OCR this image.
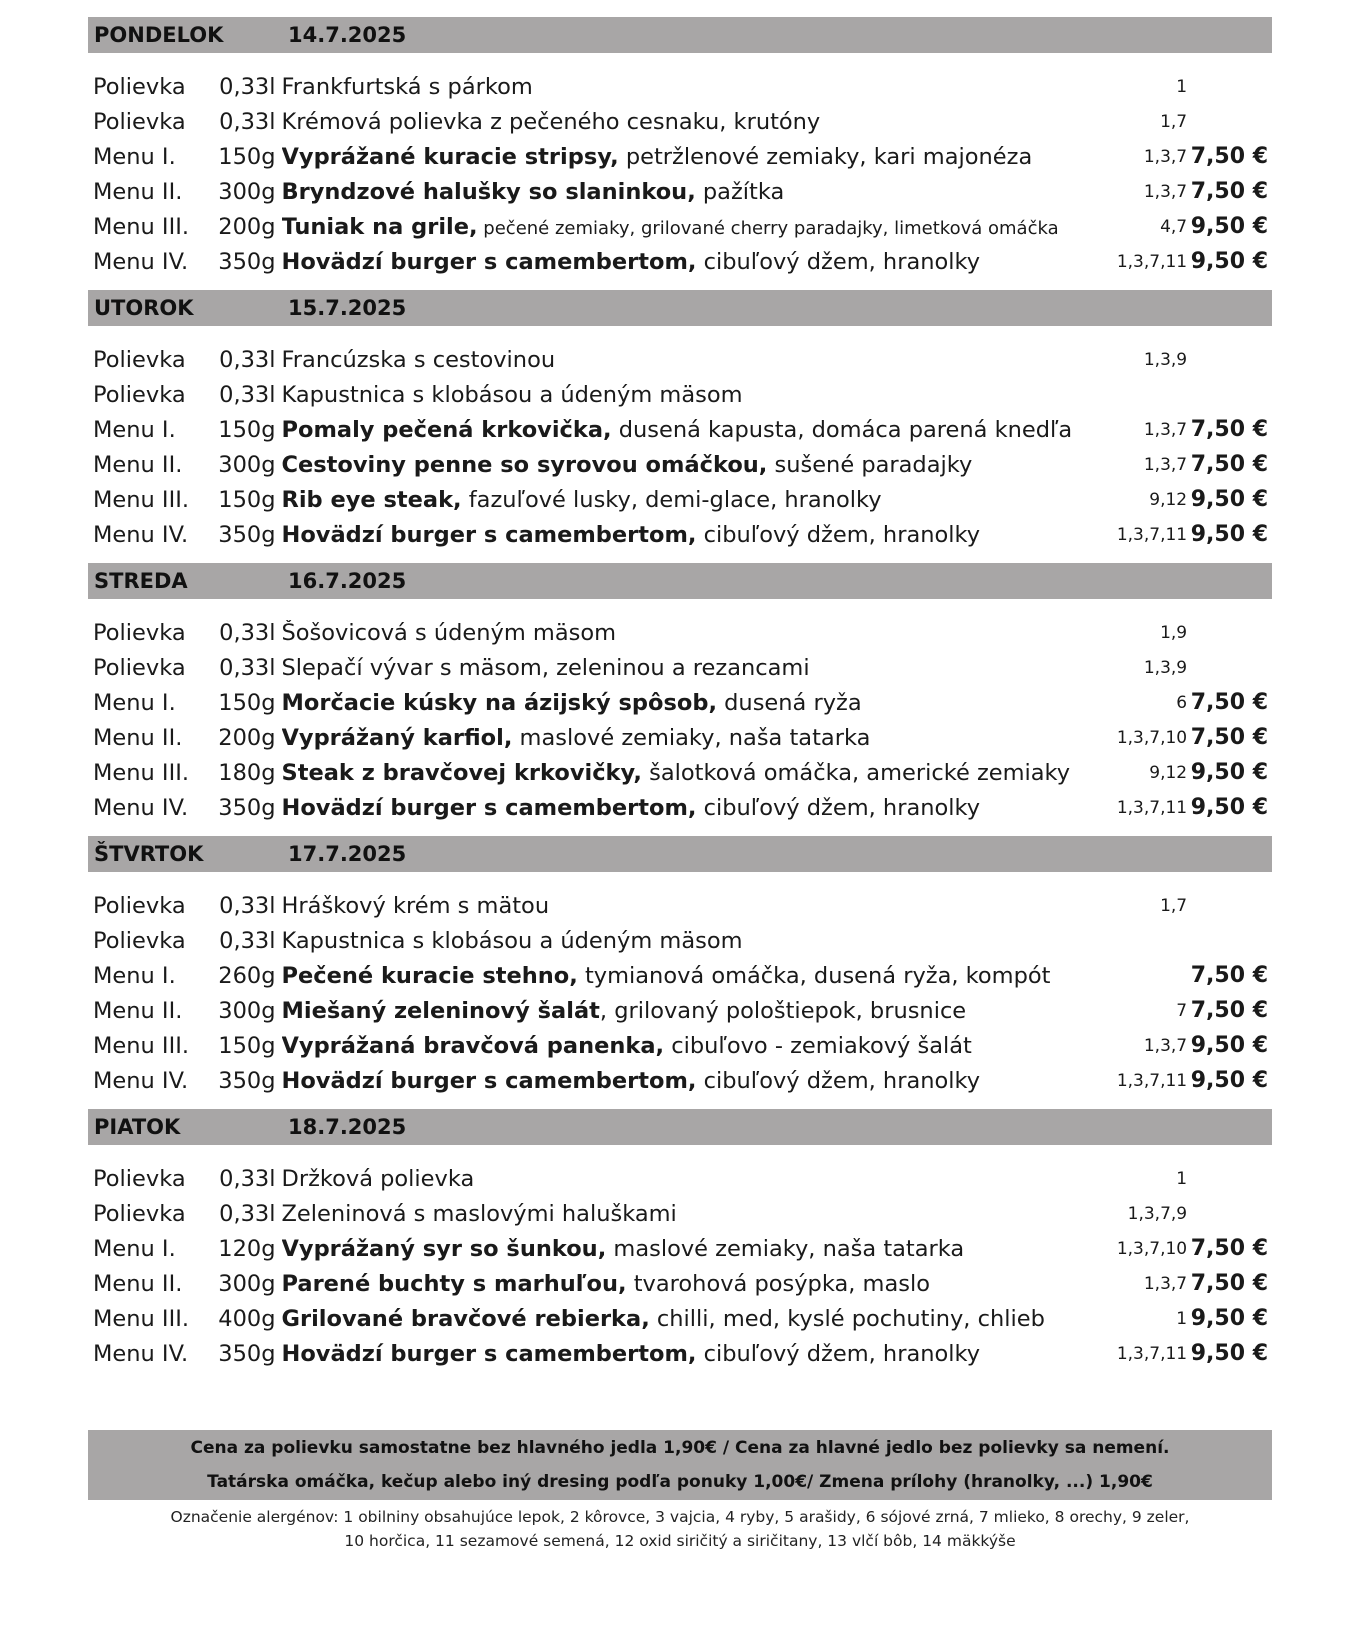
PONDELOK	14.7.2025
Polievka	0,33l Frankfurtská s párkom	1
Polievka	0,33l Krémová polievka z pečeného cesnaku, krutóny	1,7
Menu I.	150g Vyprážané kuracie stripsy, petržlenové zemiaky, kari majonéza	1,3,7 7,50 €
Menu II.	300g Bryndzové halušky so slaninkou, pažítka	1,3,7 7,50 €
Menu III.	200g Tuniak na grile, pečené zemiaky, grilované cherry paradajky, limetková omáčka	4,7 9,50 €
Menu IV.	350g Hovädzí burger s camembertom, cibuľový džem, hranolky	1,3,7,11 9,50 €
UTOROK	15.7.2025
Polievka	0,33l Francúzska s cestovinou	1,3,9
Polievka	0,33l Kapustnica s klobásou a údeným mäsom
Menu I.	150g Pomaly pečená krkovička, dusená kapusta, domáca parená knedľa	1,3,7 7,50 €
Menu II.	300g Cestoviny penne so syrovou omáčkou, sušené paradajky	1,3,7 7,50 €
Menu III.	150g Rib eye steak, fazuľové lusky, demi-glace, hranolky	9,12 9,50 €
Menu IV.	350g Hovädzí burger s camembertom, cibuľový džem, hranolky	1,3,7,11 9,50 €
STREDA	16.7.2025
Polievka	0,33l Šošovicová s údeným mäsom	1,9
Polievka	0,33l Slepačí vývar s mäsom, zeleninou a rezancami	1,3,9
Menu I.	150g Morčacie kúsky na ázijský spôsob, dusená ryža	6 7,50 €
Menu II.	200g Vyprážaný karfiol, maslové zemiaky, naša tatarka	1,3,7,10 7,50 €
Menu III.	180g Steak z bravčovej krkovičky, šalotková omáčka, americké zemiaky	9,12 9,50 €
Menu IV.	350g Hovädzí burger s camembertom, cibuľový džem, hranolky	1,3,7,11 9,50 €
ŠTVRTOK	17.7.2025
Polievka	0,33l Hráškový krém s mätou	1,7
Polievka	0,33l Kapustnica s klobásou a údeným mäsom
Menu I.	260g Pečené kuracie stehno, tymianová omáčka, dusená ryža, kompót	7,50 €
Menu II.	300g Miešaný zeleninový šalát, grilovaný pološtiepok, brusnice	7 7,50 €
Menu III.	150g Vyprážaná bravčová panenka, cibuľovo - zemiakový šalát	1,3,7 9,50 €
Menu IV.	350g Hovädzí burger s camembertom, cibuľový džem, hranolky	1,3,7,11 9,50 €
PIATOK	18.7.2025
Polievka	0,33l Držková polievka	1
Polievka	0,33l Zeleninová s maslovými haluškami	1,3,7,9
Menu I.	120g Vyprážaný syr so šunkou, maslové zemiaky, naša tatarka	1,3,7,10 7,50 €
Menu II.	300g Parené buchty s marhuľou, tvarohová posýpka, maslo	1,3,7 7,50 €
Menu III.	400g Grilované bravčové rebierka, chilli, med, kyslé pochutiny, chlieb	1 9,50 €
Menu IV.	350g Hovädzí burger s camembertom, cibuľový džem, hranolky	1,3,7,11 9,50 €
Cena za polievku samostatne bez hlavného jedla 1,90€ / Cena za hlavné jedlo bez polievky sa nemení.
Tatárska omáčka, kečup alebo iný dresing podľa ponuky 1,00€/ Zmena prílohy (hranolky, ...) 1,90€
Označenie alergénov: 1 obilniny obsahujúce lepok, 2 kôrovce, 3 vajcia, 4 ryby, 5 arašidy, 6 sójové zrná, 7 mlieko, 8 orechy, 9 zeler,
10 horčica, 11 sezamové semená, 12 oxid siričitý a siričitany, 13 vlčí bôb, 14 mäkkýše
